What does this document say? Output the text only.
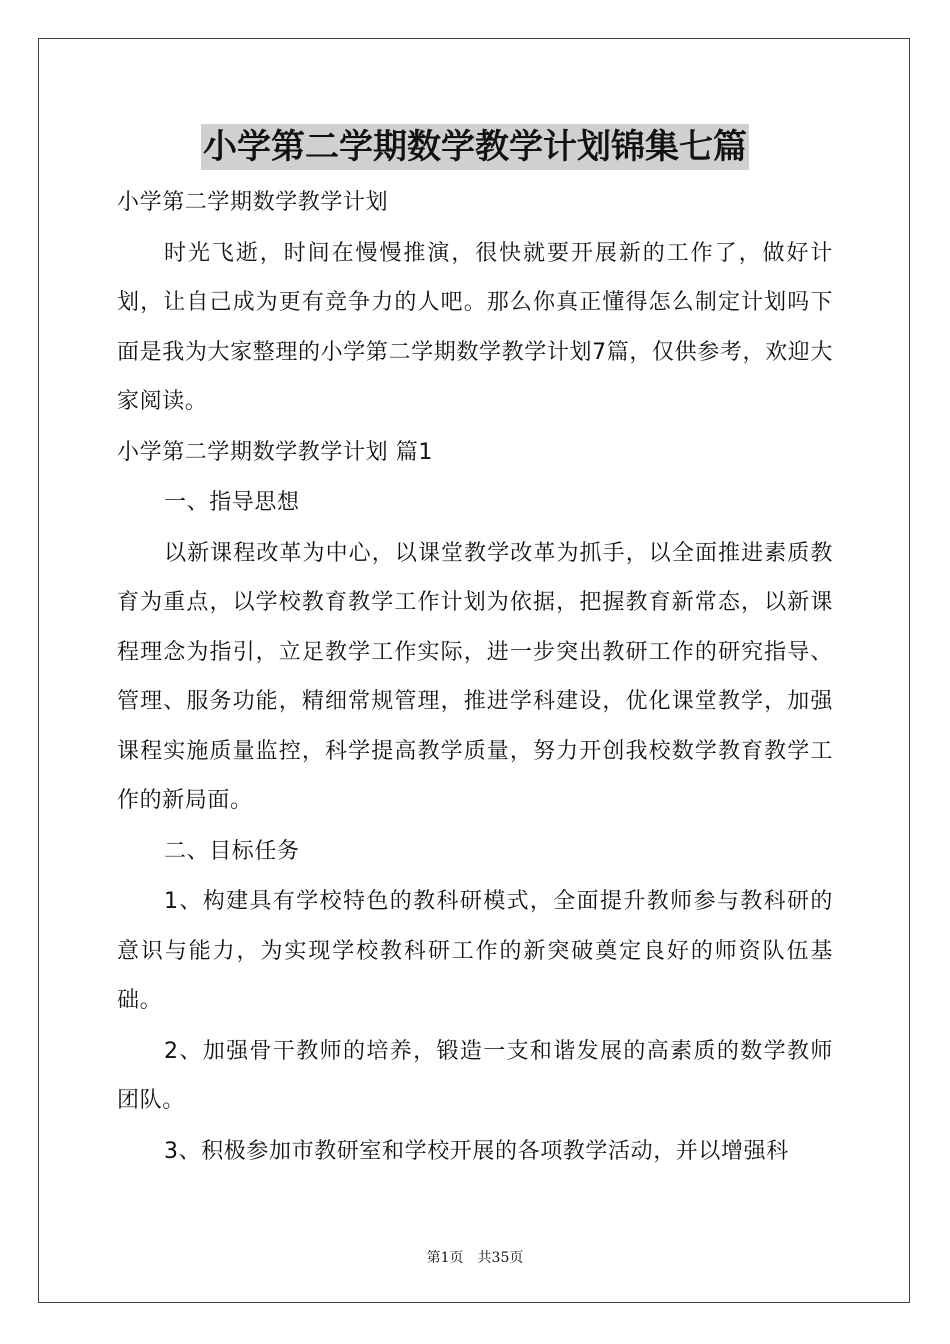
小学第二学期数学教学计划锦集七篇

小学第二学期数学教学计划

时光飞逝，时间在慢慢推演，很快就要开展新的工作了，做好计划，让自己成为更有竞争力的人吧。那么你真正懂得怎么制定计划吗下面是我为大家整理的小学第二学期数学教学计划7篇，仅供参考，欢迎大家阅读。

小学第二学期数学教学计划 篇1

一、指导思想

以新课程改革为中心，以课堂教学改革为抓手，以全面推进素质教育为重点，以学校教育教学工作计划为依据，把握教育新常态，以新课程理念为指引，立足教学工作实际，进一步突出教研工作的研究指导、管理、服务功能，精细常规管理，推进学科建设，优化课堂教学，加强课程实施质量监控，科学提高教学质量，努力开创我校数学教育教学工作的新局面。

二、目标任务

1、构建具有学校特色的教科研模式，全面提升教师参与教科研的意识与能力，为实现学校教科研工作的新突破奠定良好的师资队伍基础。

2、加强骨干教师的培养，锻造一支和谐发展的高素质的数学教师团队。

3、积极参加市教研室和学校开展的各项教学活动，并以增强科

第1页　共35页
